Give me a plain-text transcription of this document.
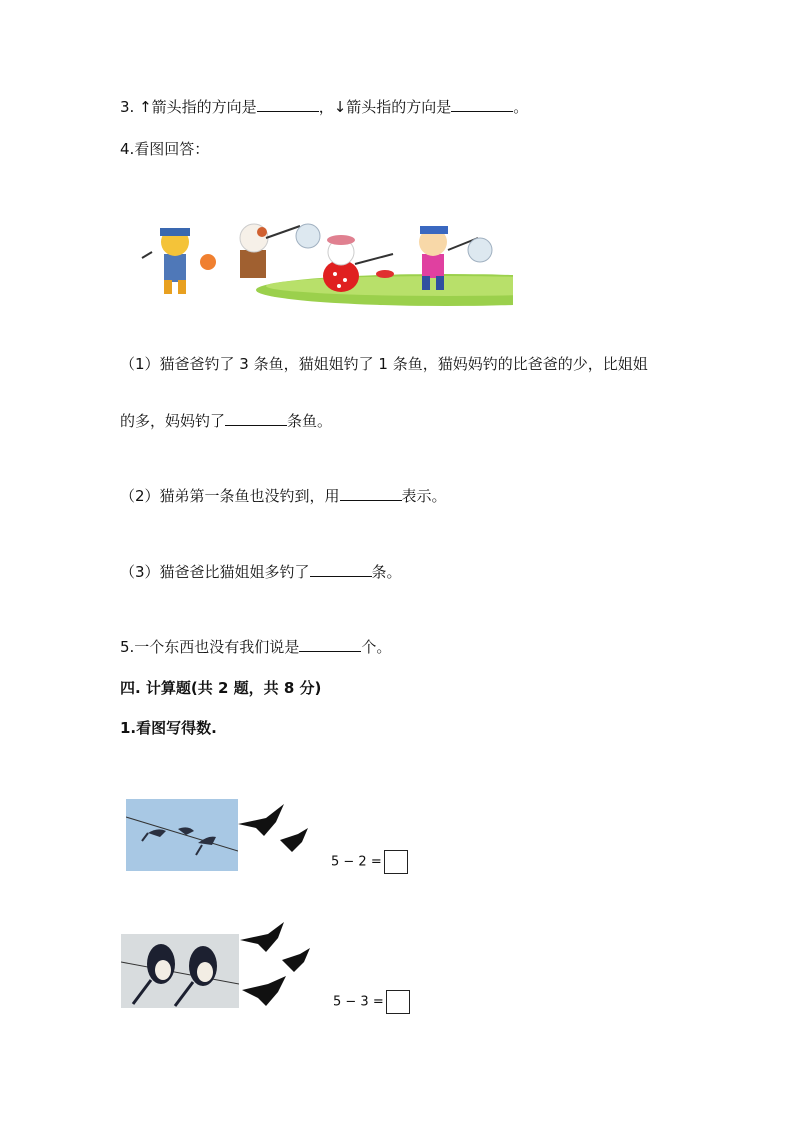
3. ↑箭头指的方向是	，↓箭头指的方向是	。
4.看图回答：
（1）猫爸爸钓了 3 条鱼，猫姐姐钓了 1 条鱼，猫妈妈钓的比爸爸的少，比姐姐
的多，妈妈钓了	条鱼。
（2）猫弟第一条鱼也没钓到，用	表示。
（3）猫爸爸比猫姐姐多钓了	条。
5.一个东西也没有我们说是	个。
四. 计算题(共 2 题，共 8 分)
1.看图写得数.
5 − 2 =
5 − 3 =
